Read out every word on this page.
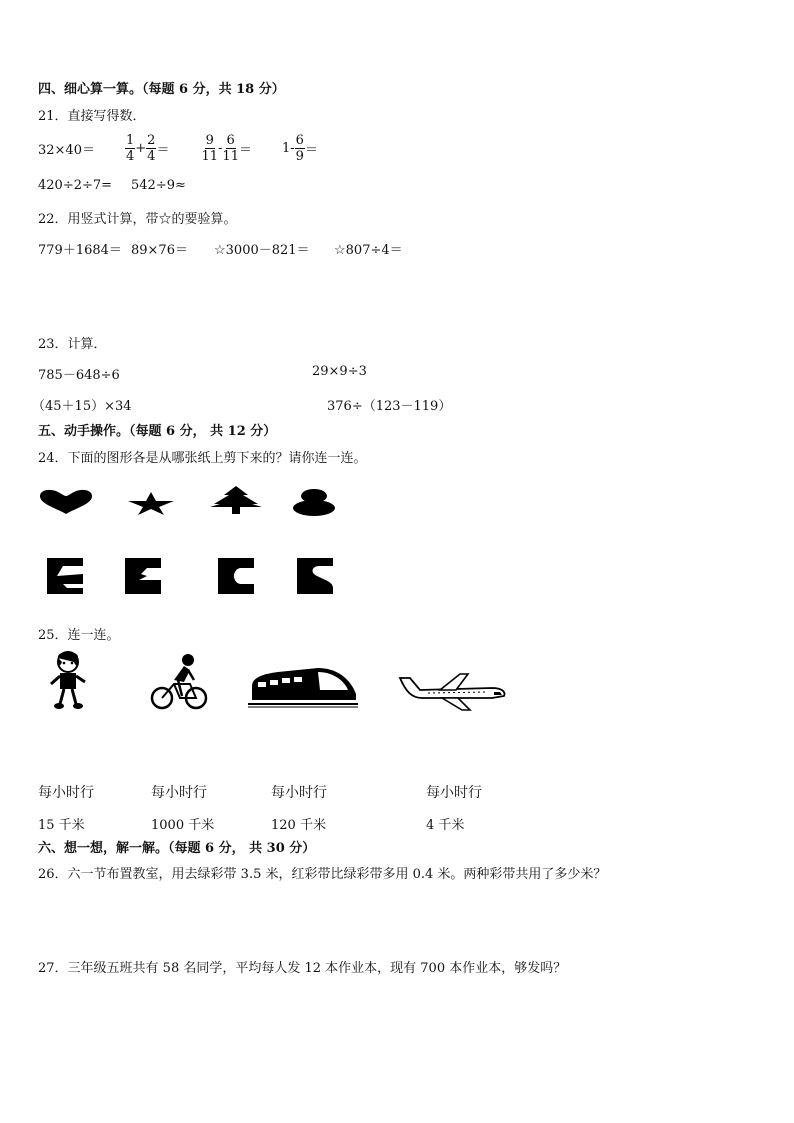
四、细心算一算。（每题 6 分，共 18 分）
21．直接写得数．
$32\times 40= \frac{1}{4} + \frac{2}{4} = \frac{9}{11} - \frac{6}{11} = 1- \frac{6}{9}$ ＝
420÷2÷7= 542÷9≈
22．用竖式计算，带☆的要验算。
779＋1684＝ 89×76＝ ☆3000－821＝ ☆807÷4＝
23．计算．
785－648÷6	29×9÷3
（45＋15）×34	376÷（123－119）
五、动手操作。（每题 6 分， 共 12 分）
24．下面的图形各是从哪张纸上剪下来的？请你连一连。
25．连一连。
每小时行	每小时行	每小时行	每小时行
15 千米	1000 千米	120 千米	4 千米
六、想一想，解一解。（每题 6 分， 共 30 分）
26．六一节布置教室，用去绿彩带 3.5 米，红彩带比绿彩带多用 0.4 米。两种彩带共用了多少米？
27．三年级五班共有 58 名同学，平均每人发 12 本作业本，现有 700 本作业本，够发吗？
